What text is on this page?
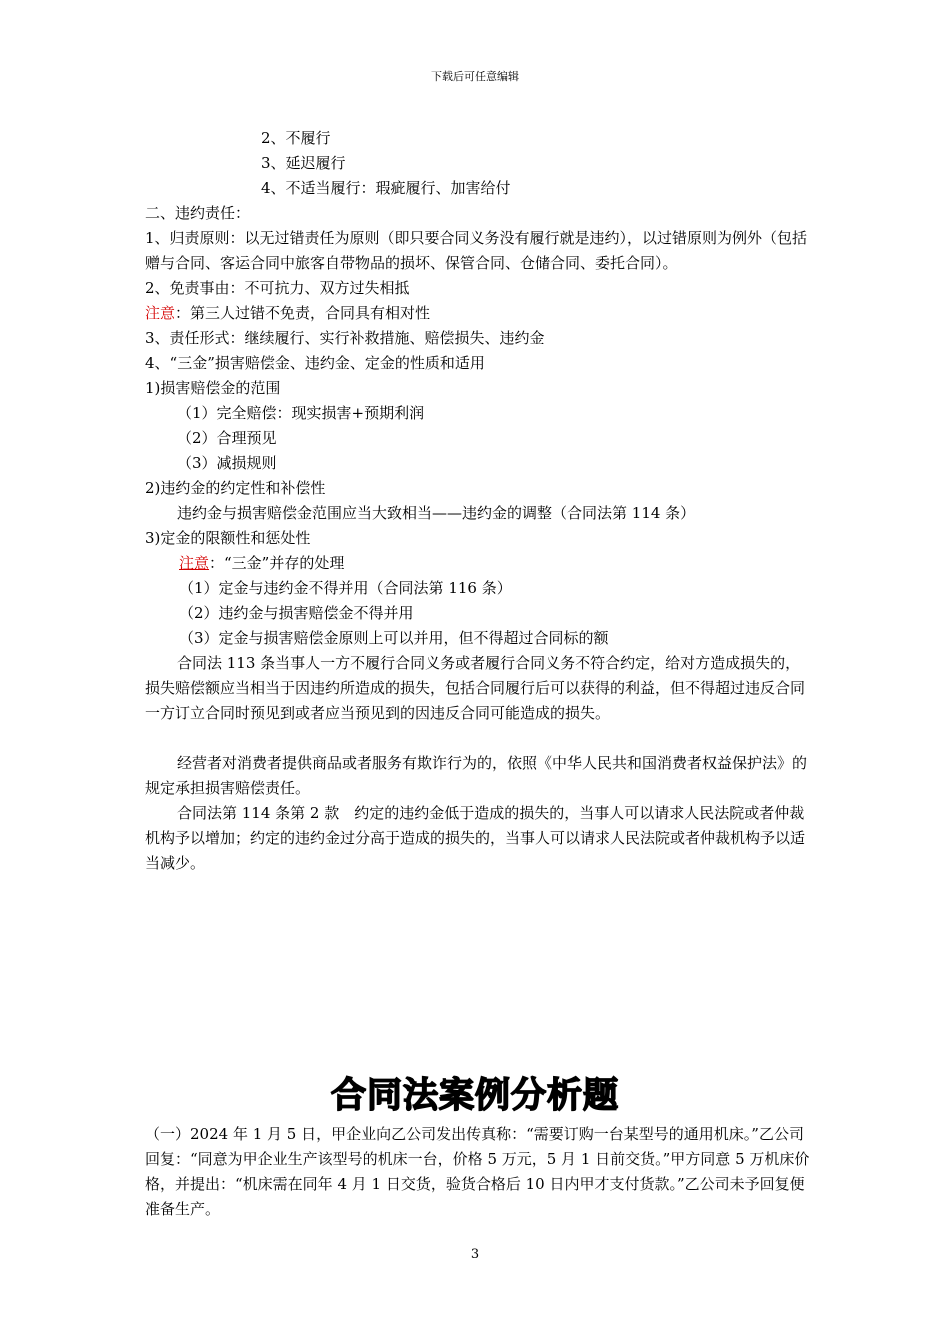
下载后可任意编辑
2、不履行
3、延迟履行
4、不适当履行：瑕疵履行、加害给付
二、违约责任：
1、归责原则：以无过错责任为原则（即只要合同义务没有履行就是违约），以过错原则为例外（包括赠与合同、客运合同中旅客自带物品的损坏、保管合同、仓储合同、委托合同）。
2、免责事由：不可抗力、双方过失相抵
注意：第三人过错不免责，合同具有相对性
3、责任形式：继续履行、实行补救措施、赔偿损失、违约金
4、“三金”损害赔偿金、违约金、定金的性质和适用
1)损害赔偿金的范围
（1）完全赔偿：现实损害+预期利润
（2）合理预见
（3）减损规则
2)违约金的约定性和补偿性
违约金与损害赔偿金范围应当大致相当——违约金的调整（合同法第 114 条）
3)定金的限额性和惩处性
注意：“三金”并存的处理
（1）定金与违约金不得并用（合同法第 116 条）
（2）违约金与损害赔偿金不得并用
（3）定金与损害赔偿金原则上可以并用，但不得超过合同标的额
合同法 113 条当事人一方不履行合同义务或者履行合同义务不符合约定，给对方造成损失的，损失赔偿额应当相当于因违约所造成的损失，包括合同履行后可以获得的利益，但不得超过违反合同一方订立合同时预见到或者应当预见到的因违反合同可能造成的损失。
经营者对消费者提供商品或者服务有欺诈行为的，依照《中华人民共和国消费者权益保护法》的规定承担损害赔偿责任。
合同法第 114 条第 2 款　约定的违约金低于造成的损失的，当事人可以请求人民法院或者仲裁机构予以增加；约定的违约金过分高于造成的损失的，当事人可以请求人民法院或者仲裁机构予以适当减少。
合同法案例分析题
（一）2024 年 1 月 5 日，甲企业向乙公司发出传真称：“需要订购一台某型号的通用机床。”乙公司回复：“同意为甲企业生产该型号的机床一台，价格 5 万元，5 月 1 日前交货。”甲方同意 5 万机床价格，并提出：“机床需在同年 4 月 1 日交货，验货合格后 10 日内甲才支付货款。”乙公司未予回复便准备生产。
3
